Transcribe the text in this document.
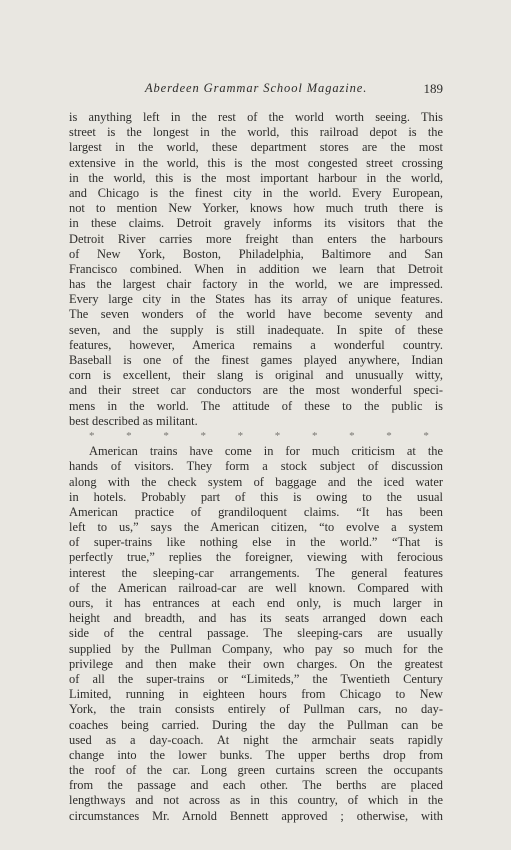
Aberdeen Grammar School Magazine.	189
is anything left in the rest of the world worth seeing. This
street is the longest in the world, this railroad depot is the
largest in the world, these department stores are the most
extensive in the world, this is the most congested street crossing
in the world, this is the most important harbour in the world,
and Chicago is the finest city in the world. Every European,
not to mention New Yorker, knows how much truth there is
in these claims. Detroit gravely informs its visitors that the
Detroit River carries more freight than enters the harbours
of New York, Boston, Philadelphia, Baltimore and San
Francisco combined. When in addition we learn that Detroit
has the largest chair factory in the world, we are impressed.
Every large city in the States has its array of unique features.
The seven wonders of the world have become seventy and
seven, and the supply is still inadequate. In spite of these
features, however, America remains a wonderful country.
Baseball is one of the finest games played anywhere, Indian
corn is excellent, their slang is original and unusually witty,
and their street car conductors are the most wonderful speci-
mens in the world. The attitude of these to the public is
best described as militant.
*	*	*	*	*	*	*	*	*	*
American trains have come in for much criticism at the
hands of visitors. They form a stock subject of discussion
along with the check system of baggage and the iced water
in hotels. Probably part of this is owing to the usual
American practice of grandiloquent claims. “It has been
left to us,” says the American citizen, “to evolve a system
of super-trains like nothing else in the world.” “That is
perfectly true,” replies the foreigner, viewing with ferocious
interest the sleeping-car arrangements. The general features
of the American railroad-car are well known. Compared with
ours, it has entrances at each end only, is much larger in
height and breadth, and has its seats arranged down each
side of the central passage. The sleeping-cars are usually
supplied by the Pullman Company, who pay so much for the
privilege and then make their own charges. On the greatest
of all the super-trains or “Limiteds,” the Twentieth Century
Limited, running in eighteen hours from Chicago to New
York, the train consists entirely of Pullman cars, no day-
coaches being carried. During the day the Pullman can be
used as a day-coach. At night the armchair seats rapidly
change into the lower bunks. The upper berths drop from
the roof of the car. Long green curtains screen the occupants
from the passage and each other. The berths are placed
lengthways and not across as in this country, of which in the
circumstances Mr. Arnold Bennett approved ; otherwise, with
